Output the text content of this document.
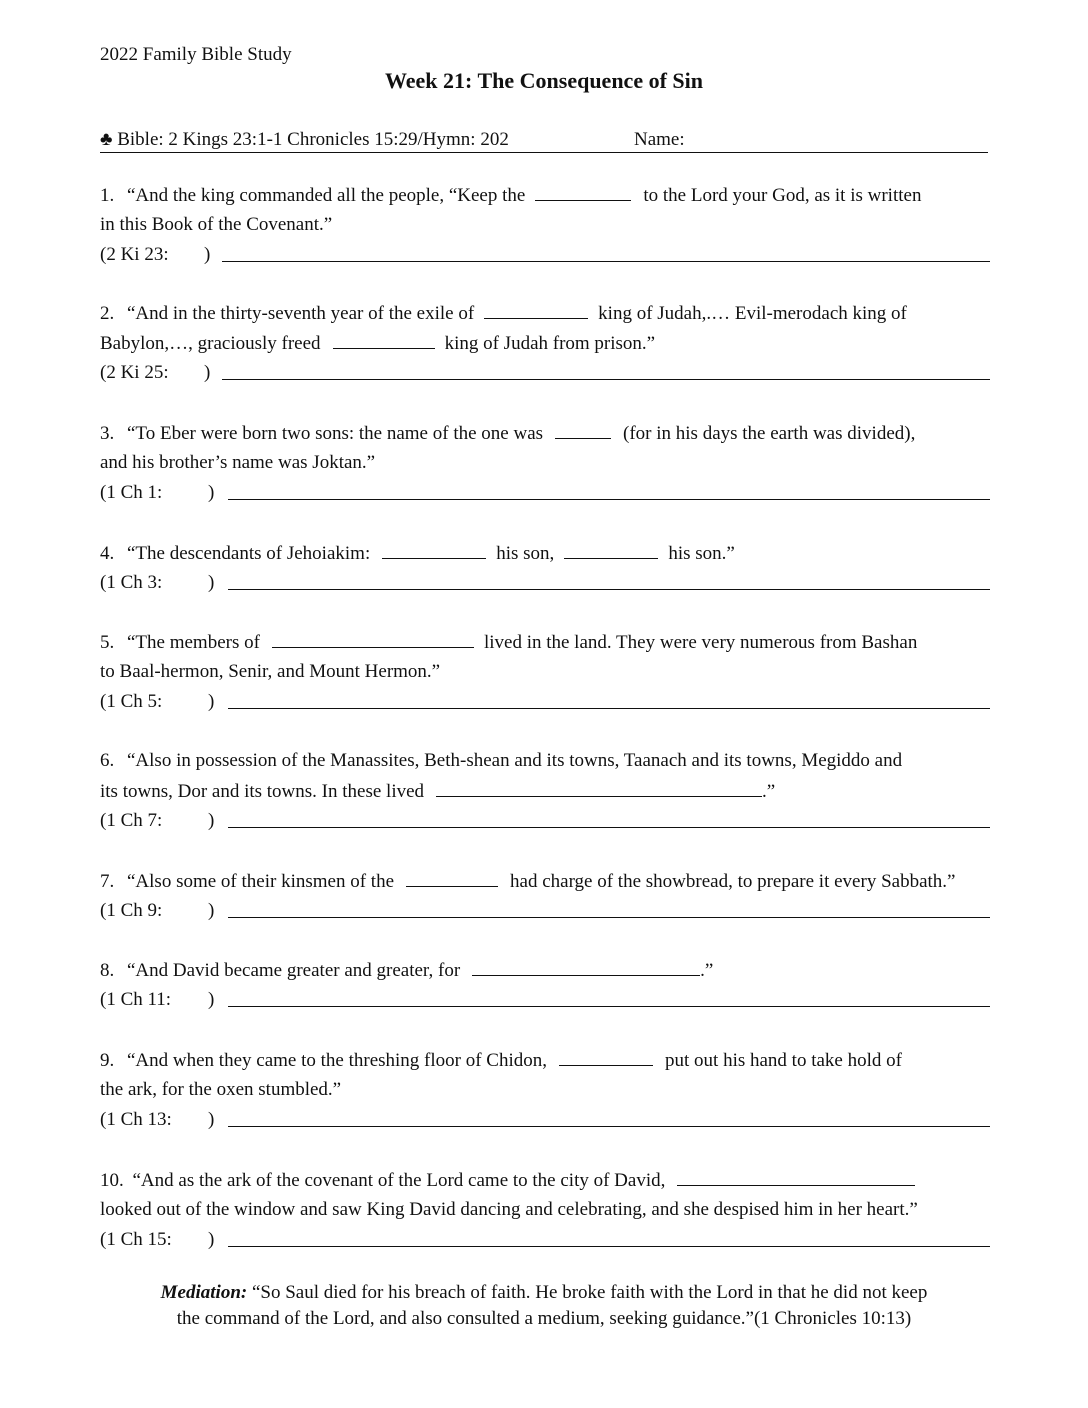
2022 Family Bible Study
Week 21: The Consequence of Sin
♣ Bible: 2 Kings 23:1-1 Chronicles 15:29/Hymn: 202	Name:
1. “And the king commanded all the people, “Keep the	to the Lord your God, as it is written
in this Book of the Covenant.”
(2 Ki 23: )
2. “And in the thirty-seventh year of the exile of	king of Judah,.… Evil-merodach king of
Babylon,…, graciously freed	king of Judah from prison.”
(2 Ki 25: )
3. “To Eber were born two sons: the name of the one was	(for in his days the earth was divided),
and his brother’s name was Joktan.”
(1 Ch 1: )
4. “The descendants of Jehoiakim:	his son,	his son.”
(1 Ch 3: )
5. “The members of	lived in the land. They were very numerous from Bashan
to Baal-hermon, Senir, and Mount Hermon.”
(1 Ch 5: )
6. “Also in possession of the Manassites, Beth-shean and its towns, Taanach and its towns, Megiddo and
its towns, Dor and its towns. In these lived	.”
(1 Ch 7: )
7. “Also some of their kinsmen of the	had charge of the showbread, to prepare it every Sabbath.”
(1 Ch 9: )
8. “And David became greater and greater, for	.”
(1 Ch 11: )
9. “And when they came to the threshing floor of Chidon,	put out his hand to take hold of
the ark, for the oxen stumbled.”
(1 Ch 13: )
10. “And as the ark of the covenant of the Lord came to the city of David,
looked out of the window and saw King David dancing and celebrating, and she despised him in her heart.”
(1 Ch 15: )
Mediation: “So Saul died for his breach of faith. He broke faith with the Lord in that he did not keep
the command of the Lord, and also consulted a medium, seeking guidance.”(1 Chronicles 10:13)
